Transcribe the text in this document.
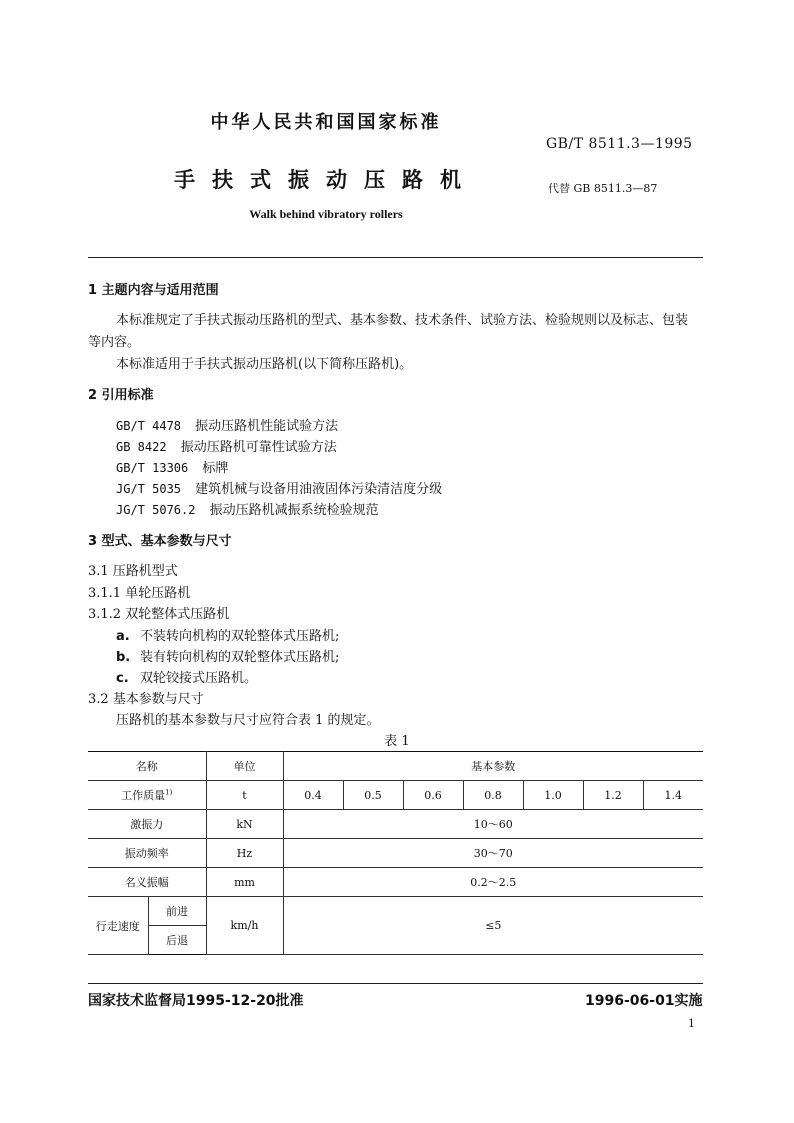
中华人民共和国国家标准
GB/T 8511.3—1995
手扶式振动压路机	代替 GB 8511.3—87
Walk behind vibratory rollers
1 主题内容与适用范围
本标准规定了手扶式振动压路机的型式、基本参数、技术条件、试验方法、检验规则以及标志、包装
等内容。
本标准适用于手扶式振动压路机(以下简称压路机)。
2 引用标准
GB/T 4478 振动压路机性能试验方法
GB 8422 振动压路机可靠性试验方法
GB/T 13306 标牌
JG/T 5035 建筑机械与设备用油液固体污染清洁度分级
JG/T 5076.2 振动压路机减振系统检验规范
3 型式、基本参数与尺寸
3.1 压路机型式
3.1.1 单轮压路机
3.1.2 双轮整体式压路机
a. 不装转向机构的双轮整体式压路机;
b. 装有转向机构的双轮整体式压路机;
c. 双轮铰接式压路机。
3.2 基本参数与尺寸
压路机的基本参数与尺寸应符合表 1 的规定。
表 1
名称		单位	基本参数						
工作质量$^{1)}$		t	0.4	0.5	0.6	0.8	1.0	1.2	1.4
激振力		kN	10～60						
振动频率		Hz	30～70						
名义振幅		mm	0.2～2.5						
行走速度	前进	km/h	≤5						
	后退								
国家技术监督局1995-12-20批准	1996-06-01实施
1
